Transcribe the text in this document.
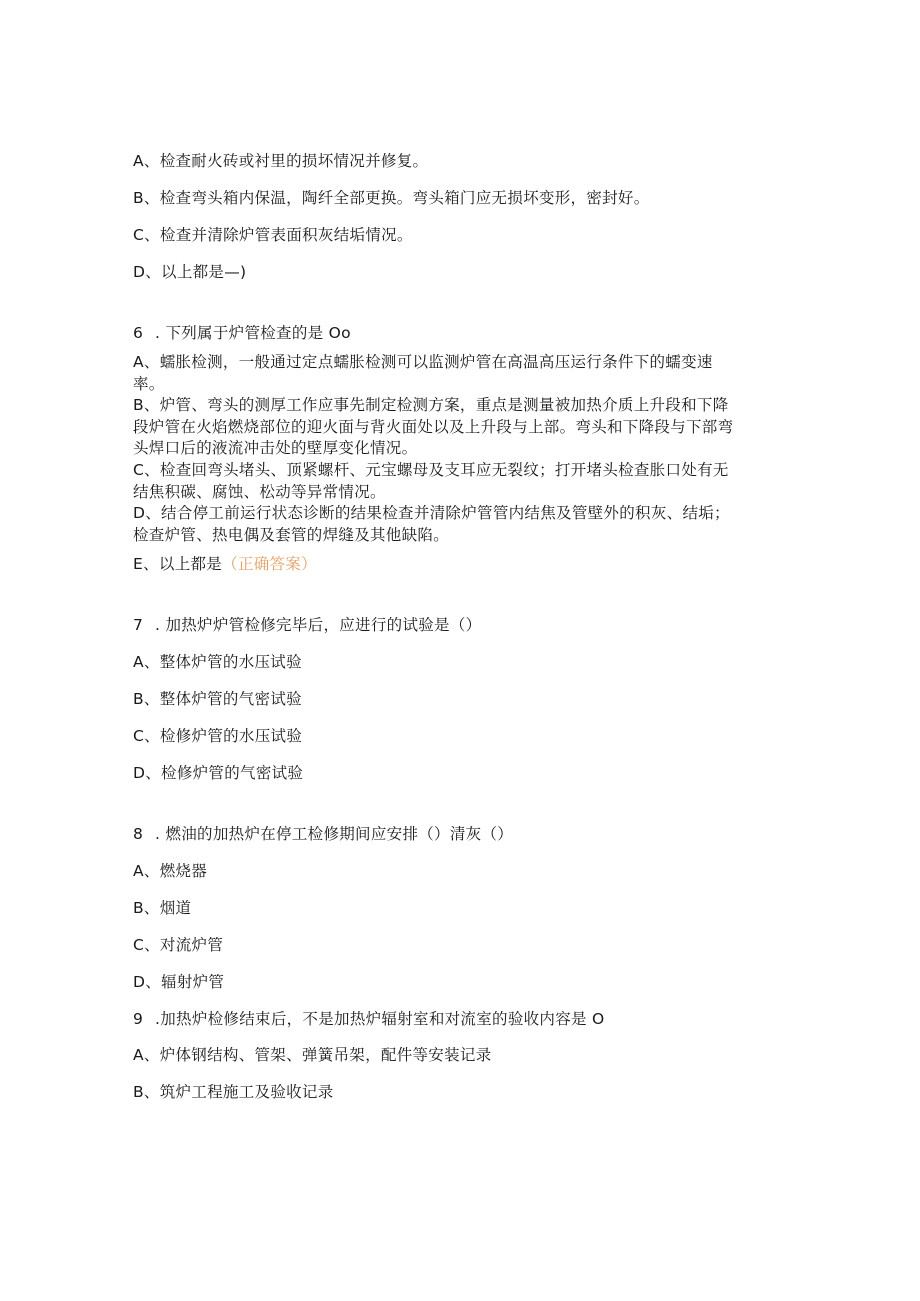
A、检查耐火砖或衬里的损坏情况并修复。
B、检查弯头箱内保温，陶纤全部更换。弯头箱门应无损坏变形，密封好。
C、检查并清除炉管表面积灰结垢情况。
D、以上都是—)
6 . 下列属于炉管检查的是 Oo
A、蠕胀检测，一般通过定点蠕胀检测可以监测炉管在高温高压运行条件下的蠕变速
率。
B、炉管、弯头的测厚工作应事先制定检测方案，重点是测量被加热介质上升段和下降
段炉管在火焰燃烧部位的迎火面与背火面处以及上升段与上部。弯头和下降段与下部弯
头焊口后的液流冲击处的壁厚变化情况。
C、检查回弯头堵头、顶紧螺杆、元宝螺母及支耳应无裂纹；打开堵头检查胀口处有无
结焦积碳、腐蚀、松动等异常情况。
D、结合停工前运行状态诊断的结果检查并清除炉管管内结焦及管壁外的积灰、结垢；
检查炉管、热电偶及套管的焊缝及其他缺陷。
E、以上都是（正确答案）
7 . 加热炉炉管检修完毕后，应进行的试验是（）
A、整体炉管的水压试验
B、整体炉管的气密试验
C、检修炉管的水压试验
D、检修炉管的气密试验
8 . 燃油的加热炉在停工检修期间应安排（）清灰（）
A、燃烧器
B、烟道
C、对流炉管
D、辐射炉管
9 .加热炉检修结束后，不是加热炉辐射室和对流室的验收内容是 O
A、炉体钢结构、管架、弹簧吊架，配件等安装记录
B、筑炉工程施工及验收记录
